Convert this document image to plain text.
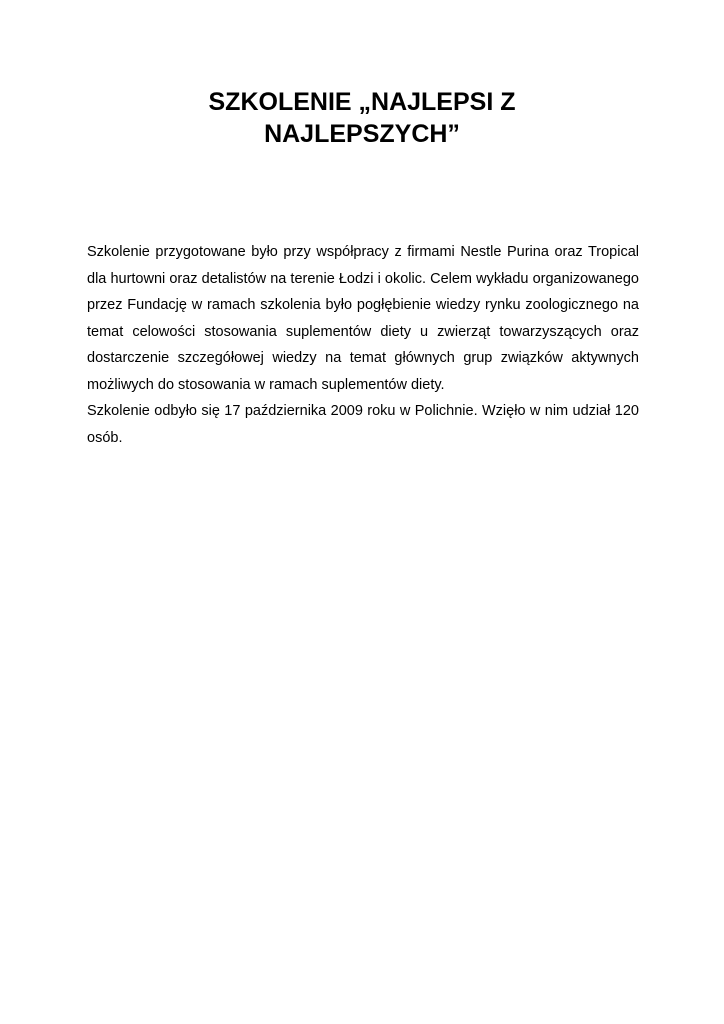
SZKOLENIE „NAJLEPSI Z NAJLEPSZYCH”

Szkolenie przygotowane było przy współpracy z firmami Nestle Purina oraz Tropical dla hurtowni oraz detalistów na terenie Łodzi i okolic. Celem wykładu organizowanego przez Fundację w ramach szkolenia było pogłębienie wiedzy rynku zoologicznego na temat celowości stosowania suplementów diety u zwierząt towarzyszących oraz dostarczenie szczegółowej wiedzy na temat głównych grup związków aktywnych możliwych do stosowania w ramach suplementów diety.

Szkolenie odbyło się 17 października 2009 roku w Polichnie. Wzięło w nim udział 120 osób.
